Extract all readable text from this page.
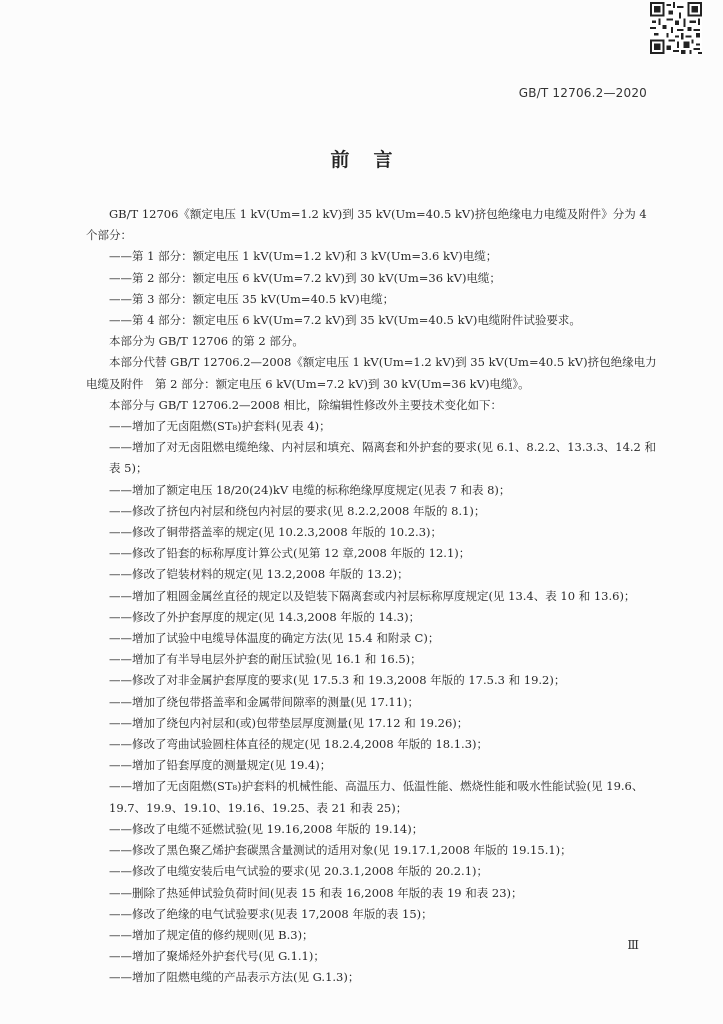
GB/T 12706.2—2020
前言

GB/T 12706《额定电压 1 kV(Um=1.2 kV)到 35 kV(Um=40.5 kV)挤包绝缘电力电缆及附件》分为 4 个部分：

——第 1 部分：额定电压 1 kV(Um=1.2 kV)和 3 kV(Um=3.6 kV)电缆；

——第 2 部分：额定电压 6 kV(Um=7.2 kV)到 30 kV(Um=36 kV)电缆；

——第 3 部分：额定电压 35 kV(Um=40.5 kV)电缆；

——第 4 部分：额定电压 6 kV(Um=7.2 kV)到 35 kV(Um=40.5 kV)电缆附件试验要求。

本部分为 GB/T 12706 的第 2 部分。

本部分代替 GB/T 12706.2—2008《额定电压 1 kV(Um=1.2 kV)到 35 kV(Um=40.5 kV)挤包绝缘电力电缆及附件　第 2 部分：额定电压 6 kV(Um=7.2 kV)到 30 kV(Um=36 kV)电缆》。

本部分与 GB/T 12706.2—2008 相比，除编辑性修改外主要技术变化如下：

——增加了无卤阻燃(ST₈)护套料(见表 4)；

——增加了对无卤阻燃电缆绝缘、内衬层和填充、隔离套和外护套的要求(见 6.1、8.2.2、13.3.3、14.2 和表 5)；

——增加了额定电压 18/20(24)kV 电缆的标称绝缘厚度规定(见表 7 和表 8)；

——修改了挤包内衬层和绕包内衬层的要求(见 8.2.2,2008 年版的 8.1)；

——修改了铜带搭盖率的规定(见 10.2.3,2008 年版的 10.2.3)；

——修改了铅套的标称厚度计算公式(见第 12 章,2008 年版的 12.1)；

——修改了铠装材料的规定(见 13.2,2008 年版的 13.2)；

——增加了粗圆金属丝直径的规定以及铠装下隔离套或内衬层标称厚度规定(见 13.4、表 10 和 13.6)；

——修改了外护套厚度的规定(见 14.3,2008 年版的 14.3)；

——增加了试验中电缆导体温度的确定方法(见 15.4 和附录 C)；

——增加了有半导电层外护套的耐压试验(见 16.1 和 16.5)；

——修改了对非金属护套厚度的要求(见 17.5.3 和 19.3,2008 年版的 17.5.3 和 19.2)；

——增加了绕包带搭盖率和金属带间隙率的测量(见 17.11)；

——增加了绕包内衬层和(或)包带垫层厚度测量(见 17.12 和 19.26)；

——修改了弯曲试验圆柱体直径的规定(见 18.2.4,2008 年版的 18.1.3)；

——增加了铅套厚度的测量规定(见 19.4)；

——增加了无卤阻燃(ST₈)护套料的机械性能、高温压力、低温性能、燃烧性能和吸水性能试验(见 19.6、19.7、19.9、19.10、19.16、19.25、表 21 和表 25)；

——修改了电缆不延燃试验(见 19.16,2008 年版的 19.14)；

——修改了黑色聚乙烯护套碳黑含量测试的适用对象(见 19.17.1,2008 年版的 19.15.1)；

——修改了电缆安装后电气试验的要求(见 20.3.1,2008 年版的 20.2.1)；

——删除了热延伸试验负荷时间(见表 15 和表 16,2008 年版的表 19 和表 23)；

——修改了绝缘的电气试验要求(见表 17,2008 年版的表 15)；

——增加了规定值的修约规则(见 B.3)；

——增加了聚烯烃外护套代号(见 G.1.1)；

——增加了阻燃电缆的产品表示方法(见 G.1.3)；

Ⅲ
